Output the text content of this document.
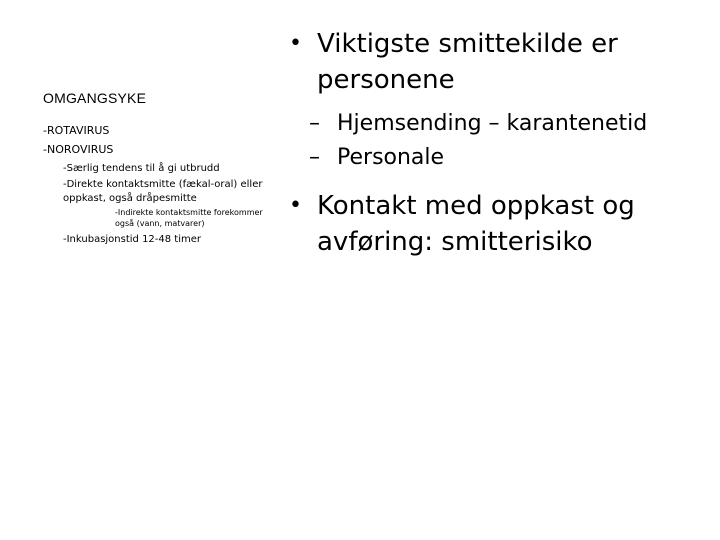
OMGANGSYKE
-ROTAVIRUS
-NOROVIRUS
-Særlig tendens til å gi utbrudd
-Direkte kontaktsmitte (fækal-oral) eller oppkast, også dråpesmitte
-Indirekte kontaktsmitte forekommer også (vann, matvarer)
-Inkubasjonstid 12-48 timer
• Viktigste smittekilde er personene
– Hjemsending – karantenetid
– Personale
• Kontakt med oppkast og avføring: smitterisiko
